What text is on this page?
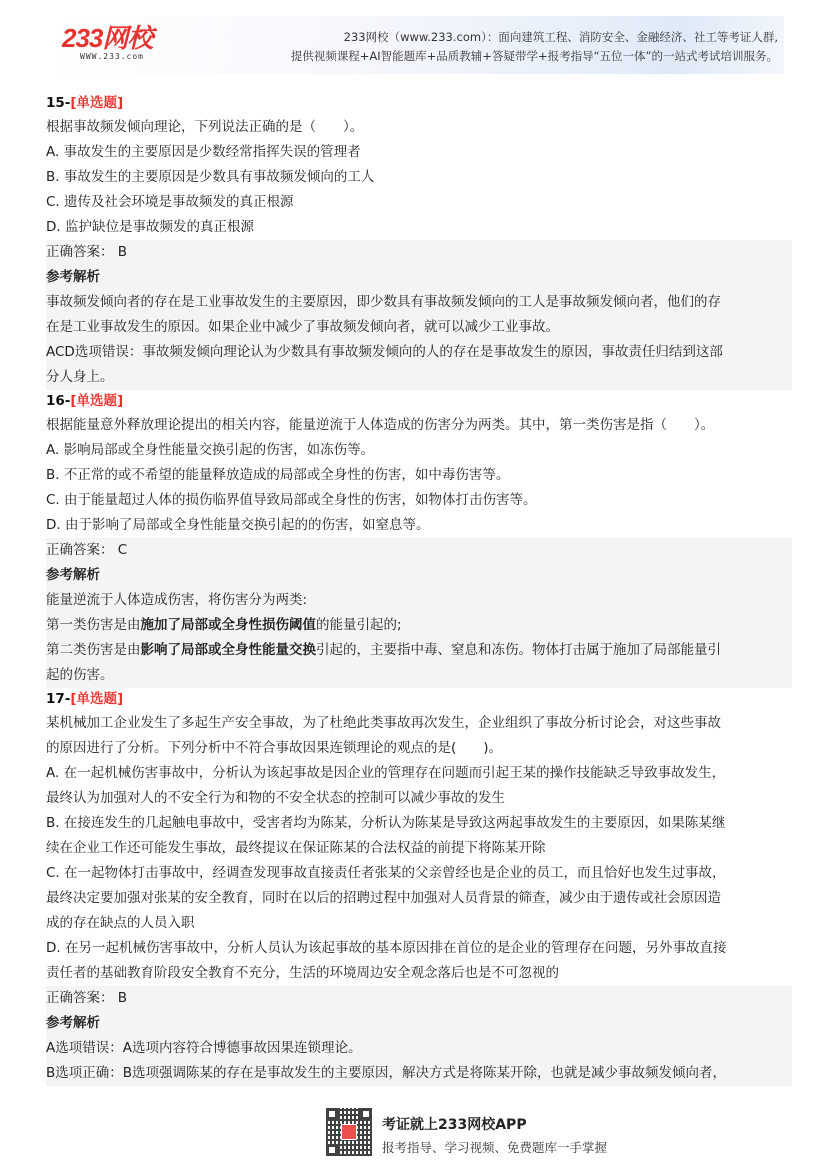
233网校
WWW.233.com
233网校（www.233.com）：面向建筑工程、消防安全、金融经济、社工等考证人群,
提供视频课程+AI智能题库+品质教辅+答疑带学+报考指导“五位一体”的一站式考试培训服务。
15-[单选题]
根据事故频发倾向理论，下列说法正确的是（　　）。
A. 事故发生的主要原因是少数经常指挥失误的管理者
B. 事故发生的主要原因是少数具有事故频发倾向的工人
C. 遗传及社会环境是事故频发的真正根源
D. 监护缺位是事故频发的真正根源
正确答案： B
参考解析
事故频发倾向者的存在是工业事故发生的主要原因，即少数具有事故频发倾向的工人是事故频发倾向者，他们的存
在是工业事故发生的原因。如果企业中减少了事故频发倾向者，就可以减少工业事故。
ACD选项错误：事故频发倾向理论认为少数具有事故频发倾向的人的存在是事故发生的原因，事故责任归结到这部
分人身上。
16-[单选题]
根据能量意外释放理论提出的相关内容，能量逆流于人体造成的伤害分为两类。其中，第一类伤害是指（　　）。
A. 影响局部或全身性能量交换引起的伤害，如冻伤等。
B. 不正常的或不希望的能量释放造成的局部或全身性的伤害，如中毒伤害等。
C. 由于能量超过人体的损伤临界值导致局部或全身性的伤害，如物体打击伤害等。
D. 由于影响了局部或全身性能量交换引起的的伤害，如窒息等。
正确答案： C
参考解析
能量逆流于人体造成伤害，将伤害分为两类:
第一类伤害是由施加了局部或全身性损伤阈值的能量引起的;
第二类伤害是由影响了局部或全身性能量交换引起的，主要指中毒、窒息和冻伤。物体打击属于施加了局部能量引
起的伤害。
17-[单选题]
某机械加工企业发生了多起生产安全事故，为了杜绝此类事故再次发生，企业组织了事故分析讨论会，对这些事故
的原因进行了分析。下列分析中不符合事故因果连锁理论的观点的是(　　)。
A. 在一起机械伤害事故中，分析认为该起事故是因企业的管理存在问题而引起王某的操作技能缺乏导致事故发生，
最终认为加强对人的不安全行为和物的不安全状态的控制可以减少事故的发生
B. 在接连发生的几起触电事故中，受害者均为陈某，分析认为陈某是导致这两起事故发生的主要原因，如果陈某继
续在企业工作还可能发生事故，最终提议在保证陈某的合法权益的前提下将陈某开除
C. 在一起物体打击事故中，经调查发现事故直接责任者张某的父亲曾经也是企业的员工，而且恰好也发生过事故，
最终决定要加强对张某的安全教育，同时在以后的招聘过程中加强对人员背景的筛查，减少由于遗传或社会原因造
成的存在缺点的人员入职
D. 在另一起机械伤害事故中，分析人员认为该起事故的基本原因排在首位的是企业的管理存在问题，另外事故直接
责任者的基础教育阶段安全教育不充分，生活的环境周边安全观念落后也是不可忽视的
正确答案： B
参考解析
A选项错误：A选项内容符合博德事故因果连锁理论。
B选项正确：B选项强调陈某的存在是事故发生的主要原因，解决方式是将陈某开除，也就是减少事故频发倾向者，
考证就上233网校APP
报考指导、学习视频、免费题库一手掌握
